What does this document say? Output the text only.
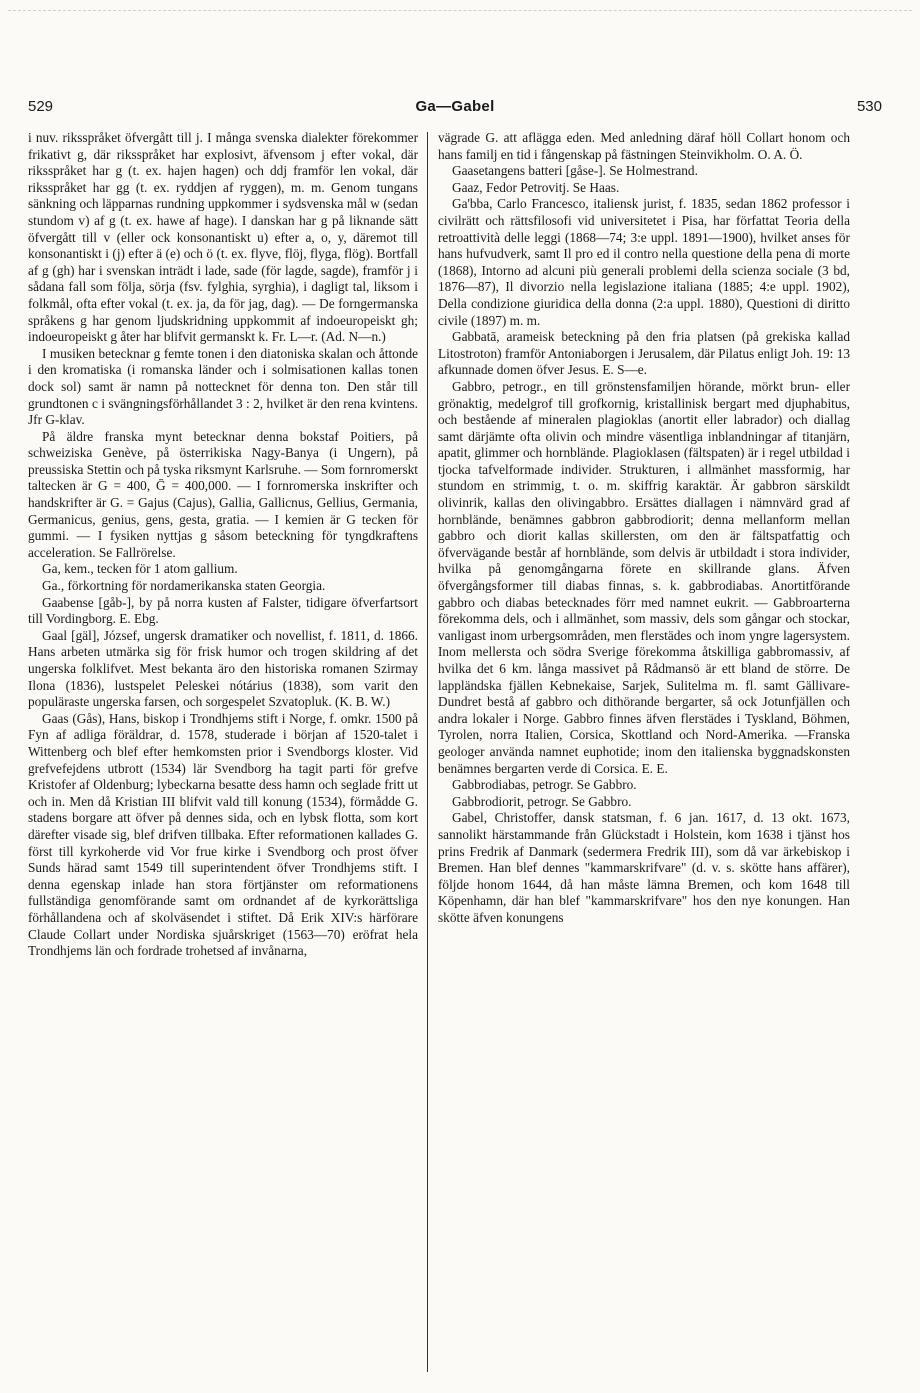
529	Ga—Gabel	530

i nuv. riksspråket öfvergått till j. I många svenska dialekter förekommer frikativt g, där riksspråket har explosivt, äfvensom j efter vokal, där riksspråket har g (t. ex. hajen hagen) och ddj framför len vokal, där riksspråket har gg (t. ex. ryddjen af ryggen), m. m. Genom tungans sänkning och läpparnas rundning uppkommer i sydsvenska mål w (sedan stundom v) af g (t. ex. hawe af hage). I danskan har g på liknande sätt öfvergått till v (eller ock konsonantiskt u) efter a, o, y, däremot till konsonantiskt i (j) efter ä (e) och ö (t. ex. flyve, flöj, flyga, flög). Bortfall af g (gh) har i svenskan inträdt i lade, sade (för lagde, sagde), framför j i sådana fall som följa, sörja (fsv. fylghia, syrghia), i dagligt tal, liksom i folkmål, ofta efter vokal (t. ex. ja, da för jag, dag). — De forngermanska språkens g har genom ljudskridning uppkommit af indoeuropeiskt gh; indoeuropeiskt g åter har blifvit germanskt k. Fr. L—r. (Ad. N—n.)

I musiken betecknar g femte tonen i den diatoniska skalan och åttonde i den kromatiska (i romanska länder och i solmisationen kallas tonen dock sol) samt är namn på nottecknet för denna ton. Den står till grundtonen c i svängningsförhållandet 3 : 2, hvilket är den rena kvintens. Jfr G-klav.

På äldre franska mynt betecknar denna bokstaf Poitiers, på schweiziska Genève, på österrikiska Nagy-Banya (i Ungern), på preussiska Stettin och på tyska riksmynt Karlsruhe. — Som fornromerskt taltecken är G = 400, Ḡ = 400,000. — I fornromerska inskrifter och handskrifter är G. = Gajus (Cajus), Gallia, Gallicnus, Gellius, Germania, Germanicus, genius, gens, gesta, gratia. — I kemien är G tecken för gummi. — I fysiken nyttjas g såsom beteckning för tyngdkraftens acceleration. Se Fallrörelse.

Ga, kem., tecken för 1 atom gallium.

Ga., förkortning för nordamerikanska staten Georgia.

Gaabense [gåb-], by på norra kusten af Falster, tidigare öfverfartsort till Vordingborg. E. Ebg.

Gaal [gäl], József, ungersk dramatiker och novellist, f. 1811, d. 1866. Hans arbeten utmärka sig för frisk humor och trogen skildring af det ungerska folklifvet. Mest bekanta äro den historiska romanen Szirmay Ilona (1836), lustspelet Peleskei nótárius (1838), som varit den populäraste ungerska farsen, och sorgespelet Szvatopluk. (K. B. W.)

Gaas (Gås), Hans, biskop i Trondhjems stift i Norge, f. omkr. 1500 på Fyn af adliga föräldrar, d. 1578, studerade i början af 1520-talet i Wittenberg och blef efter hemkomsten prior i Svendborgs kloster. Vid grefvefejdens utbrott (1534) lär Svendborg ha tagit parti för grefve Kristofer af Oldenburg; lybeckarna besatte dess hamn och seglade fritt ut och in. Men då Kristian III blifvit vald till konung (1534), förmådde G. stadens borgare att öfver på dennes sida, och en lybsk flotta, som kort därefter visade sig, blef drifven tillbaka. Efter reformationen kallades G. först till kyrkoherde vid Vor frue kirke i Svendborg och prost öfver Sunds härad samt 1549 till superintendent öfver Trondhjems stift. I denna egenskap inlade han stora förtjänster om reformationens fullständiga genomförande samt om ordnandet af de kyrkorättsliga förhållandena och af skolväsendet i stiftet. Då Erik XIV:s härförare Claude Collart under Nordiska sjuårskriget (1563—70) eröfrat hela Trondhjems län och fordrade trohetsed af invånarna,

vägrade G. att aflägga eden. Med anledning däraf höll Collart honom och hans familj en tid i fångenskap på fästningen Steinvikholm. O. A. Ö.

Gaasetangens batteri [gåse-]. Se Holmestrand.

Gaaz, Fedor Petrovitj. Se Haas.

Ga'bba, Carlo Francesco, italiensk jurist, f. 1835, sedan 1862 professor i civilrätt och rättsfilosofi vid universitetet i Pisa, har författat Teoria della retroattività delle leggi (1868—74; 3:e uppl. 1891—1900), hvilket anses för hans hufvudverk, samt Il pro ed il contro nella questione della pena di morte (1868), Intorno ad alcuni più generali problemi della scienza sociale (3 bd, 1876—87), Il divorzio nella legislazione italiana (1885; 4:e uppl. 1902), Della condizione giuridica della donna (2:a uppl. 1880), Questioni di diritto civile (1897) m. m.

Gabbatā, arameisk beteckning på den fria platsen (på grekiska kallad Litostroton) framför Antoniaborgen i Jerusalem, där Pilatus enligt Joh. 19: 13 afkunnade domen öfver Jesus. E. S—e.

Gabbro, petrogr., en till grönstensfamiljen hörande, mörkt brun- eller grönaktig, medelgrof till grofkornig, kristallinisk bergart med djuphabitus, och bestående af mineralen plagioklas (anortit eller labrador) och diallag samt därjämte ofta olivin och mindre väsentliga inblandningar af titanjärn, apatit, glimmer och hornblände. Plagioklasen (fältspaten) är i regel utbildad i tjocka tafvelformade individer. Strukturen, i allmänhet massformig, har stundom en strimmig, t. o. m. skiffrig karaktär. Är gabbron särskildt olivinrik, kallas den olivingabbro. Ersättes diallagen i nämnvärd grad af hornblände, benämnes gabbron gabbrodiorit; denna mellanform mellan gabbro och diorit kallas skillersten, om den är fältspatfattig och öfvervägande består af hornblände, som delvis är utbildadt i stora individer, hvilka på genomgångarna förete en skillrande glans. Äfven öfvergångsformer till diabas finnas, s. k. gabbrodiabas. Anortitförande gabbro och diabas betecknades förr med namnet eukrit. — Gabbroarterna förekomma dels, och i allmänhet, som massiv, dels som gångar och stockar, vanligast inom urbergsområden, men flerstädes och inom yngre lagersystem. Inom mellersta och södra Sverige förekomma åtskilliga gabbromassiv, af hvilka det 6 km. långa massivet på Rådmansö är ett bland de större. De lappländska fjällen Kebnekaise, Sarjek, Sulitelma m. fl. samt Gällivare-Dundret bestå af gabbro och dithörande bergarter, så ock Jotunfjällen och andra lokaler i Norge. Gabbro finnes äfven flerstädes i Tyskland, Böhmen, Tyrolen, norra Italien, Corsica, Skottland och Nord-Amerika. —Franska geologer använda namnet euphotide; inom den italienska byggnadskonsten benämnes bergarten verde di Corsica. E. E.

Gabbrodiabas, petrogr. Se Gabbro.

Gabbrodiorit, petrogr. Se Gabbro.

Gabel, Christoffer, dansk statsman, f. 6 jan. 1617, d. 13 okt. 1673, sannolikt härstammande från Glückstadt i Holstein, kom 1638 i tjänst hos prins Fredrik af Danmark (sedermera Fredrik III), som då var ärkebiskop i Bremen. Han blef dennes "kammarskrifvare" (d. v. s. skötte hans affärer), följde honom 1644, då han måste lämna Bremen, och kom 1648 till Köpenhamn, där han blef "kammarskrifvare" hos den nye konungen. Han skötte äfven konungens
